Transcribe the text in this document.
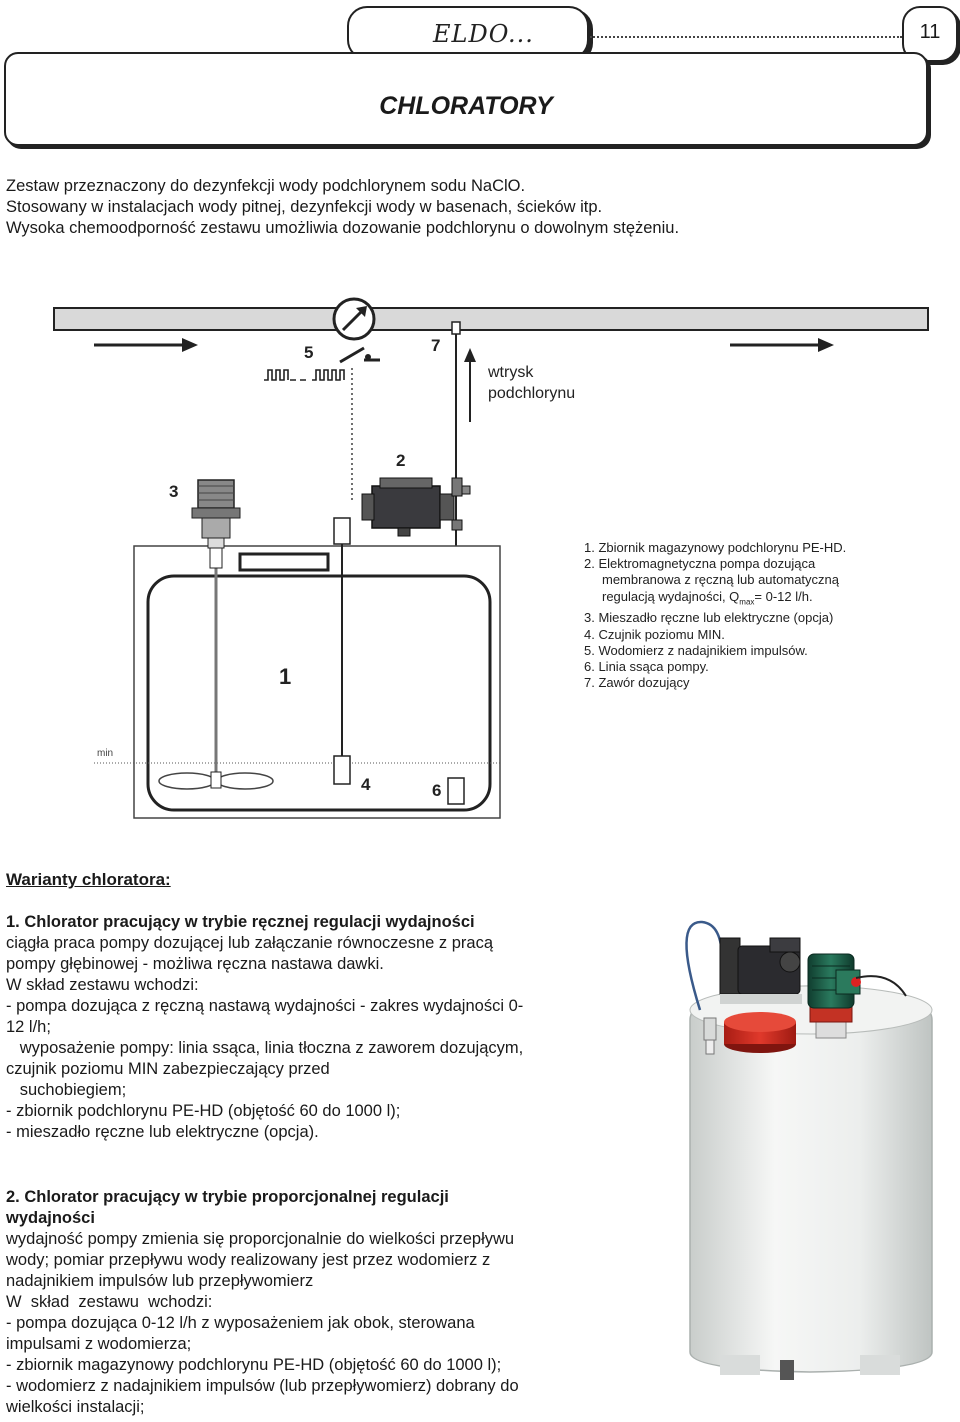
ELDO...	11
CHLORATORY
Zestaw przeznaczony do dezynfekcji wody podchlorynem sodu NaClO.
Stosowany w instalacjach wody pitnej, dezynfekcji wody w basenach, ścieków itp.
Wysoka chemoodporność zestawu umożliwia dozowanie podchlorynu o dowolnym stężeniu.
5	7
2
3
1
4	6
wtrysk
podchlorynu
min
1. Zbiornik magazynowy podchlorynu PE-HD.
2. Elektromagnetyczna pompa dozująca
membranowa z ręczną lub automatyczną
regulacją wydajności, $Q_{max}= 0-12$ l/h.
3. Mieszadło ręczne lub elektryczne (opcja)
4. Czujnik poziomu MIN.
5. Wodomierz z nadajnikiem impulsów.
6. Linia ssąca pompy.
7. Zawór dozujący
Warianty chloratora:
1. Chlorator pracujący w trybie ręcznej regulacji wydajności
ciągła praca pompy dozującej lub załączanie równoczesne z pracą
pompy głębinowej - możliwa ręczna nastawa dawki.
W skład zestawu wchodzi:
- pompa dozująca z ręczną nastawą wydajności - zakres wydajności 0-
12 l/h;
wyposażenie pompy: linia ssąca, linia tłoczna z zaworem dozującym,
czujnik poziomu MIN zabezpieczający przed
suchobiegiem;
- zbiornik podchlorynu PE-HD (objętość 60 do 1000 l);
- mieszadło ręczne lub elektryczne (opcja).
2. Chlorator pracujący w trybie proporcjonalnej regulacji
wydajności
wydajność pompy zmienia się proporcjonalnie do wielkości przepływu
wody; pomiar przepływu wody realizowany jest przez wodomierz z
nadajnikiem impulsów lub przepływomierz
W  skład  zestawu  wchodzi:
- pompa dozująca 0-12 l/h z wyposażeniem jak obok, sterowana
impulsami z wodomierza;
- zbiornik magazynowy podchlorynu PE-HD (objętość 60 do 1000 l);
- wodomierz z nadajnikiem impulsów (lub przepływomierz) dobrany do
wielkości instalacji;
